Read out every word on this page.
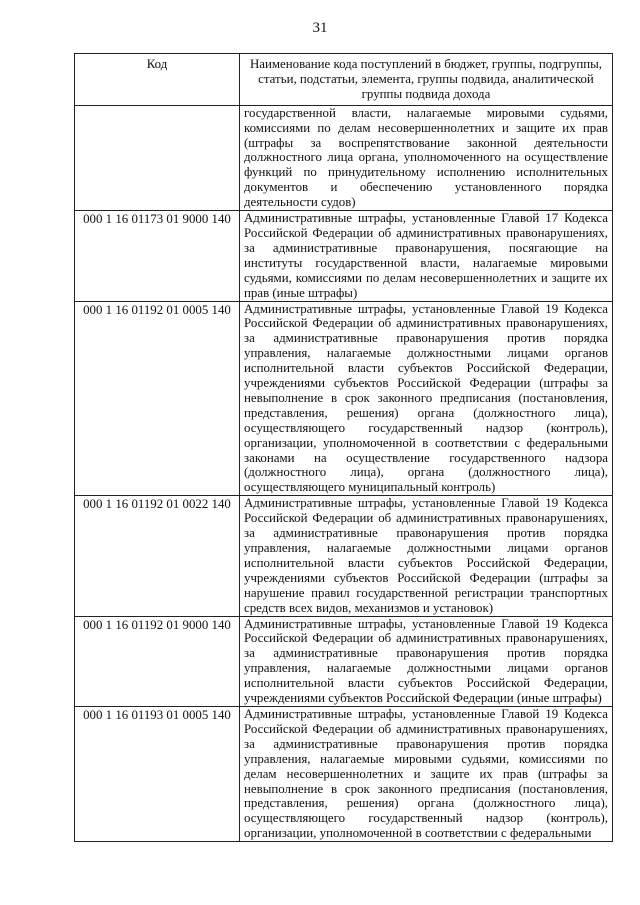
31
Код	Наименование кода поступлений в бюджет, группы, подгруппы, статьи, подстатьи, элемента, группы подвида, аналитической группы подвида дохода
	государственной власти, налагаемые мировыми судьями, комиссиями по делам несовершеннолетних и защите их прав (штрафы за воспрепятствование законной деятельности должностного лица органа, уполномоченного на осуществление функций по принудительному исполнению исполнительных документов и обеспечению установленного порядка деятельности судов)
000 1 16 01173 01 9000 140	Административные штрафы, установленные Главой 17 Кодекса Российской Федерации об административных правонарушениях, за административные правонарушения, посягающие на институты государственной власти, налагаемые мировыми судьями, комиссиями по делам несовершеннолетних и защите их прав (иные штрафы)
000 1 16 01192 01 0005 140	Административные штрафы, установленные Главой 19 Кодекса Российской Федерации об административных правонарушениях, за административные правонарушения против порядка управления, налагаемые должностными лицами органов исполнительной власти субъектов Российской Федерации, учреждениями субъектов Российской Федерации (штрафы за невыполнение в срок законного предписания (постановления, представления, решения) органа (должностного лица), осуществляющего государственный надзор (контроль), организации, уполномоченной в соответствии с федеральными законами на осуществление государственного надзора (должностного лица), органа (должностного лица), осуществляющего муниципальный контроль)
000 1 16 01192 01 0022 140	Административные штрафы, установленные Главой 19 Кодекса Российской Федерации об административных правонарушениях, за административные правонарушения против порядка управления, налагаемые должностными лицами органов исполнительной власти субъектов Российской Федерации, учреждениями субъектов Российской Федерации (штрафы за нарушение правил государственной регистрации транспортных средств всех видов, механизмов и установок)
000 1 16 01192 01 9000 140	Административные штрафы, установленные Главой 19 Кодекса Российской Федерации об административных правонарушениях, за административные правонарушения против порядка управления, налагаемые должностными лицами органов исполнительной власти субъектов Российской Федерации, учреждениями субъектов Российской Федерации (иные штрафы)
000 1 16 01193 01 0005 140	Административные штрафы, установленные Главой 19 Кодекса Российской Федерации об административных правонарушениях, за административные правонарушения против порядка управления, налагаемые мировыми судьями, комиссиями по делам несовершеннолетних и защите их прав (штрафы за невыполнение в срок законного предписания (постановления, представления, решения) органа (должностного лица), осуществляющего государственный надзор (контроль), организации, уполномоченной в соответствии с федеральными
